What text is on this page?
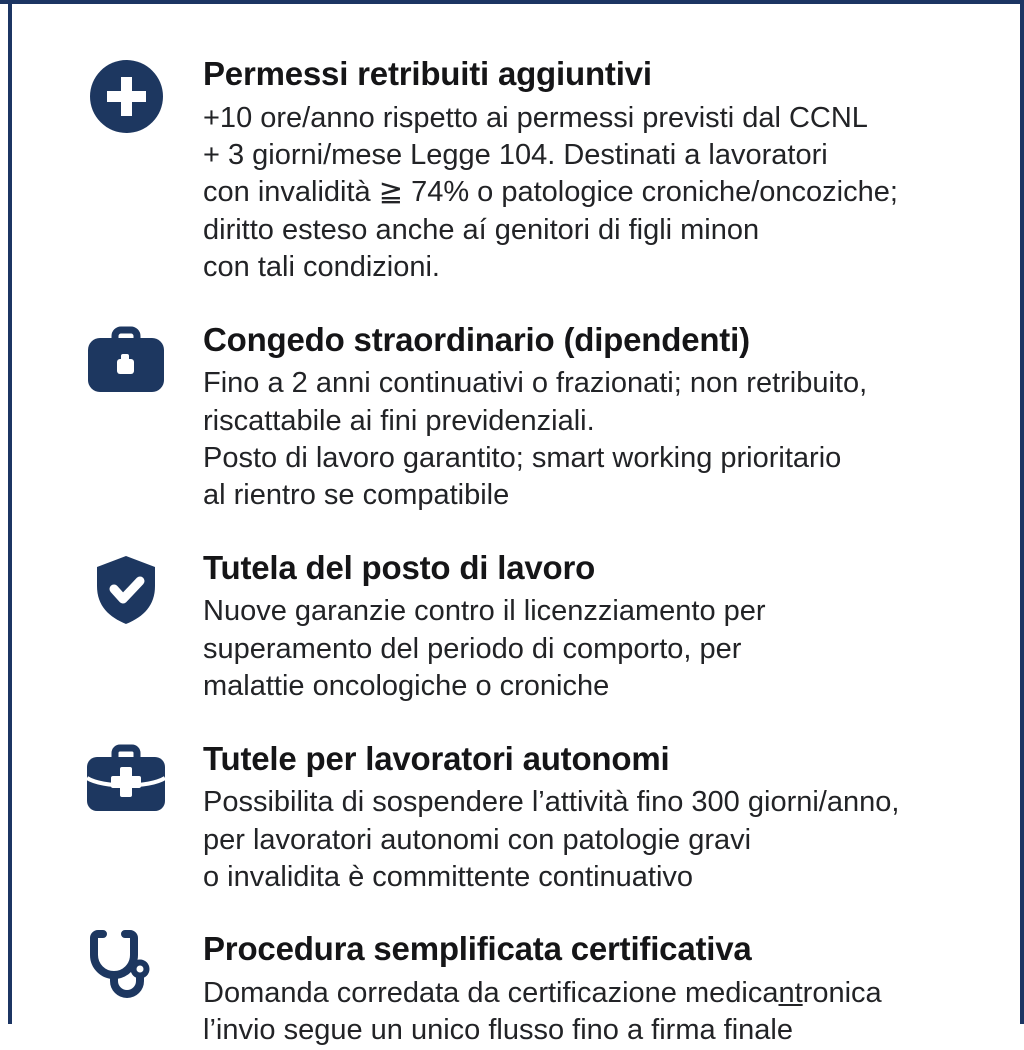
Permessi retribuiti aggiuntivi
+10 ore/anno rispetto ai permessi previsti dal CCNL
+ 3 giorni/mese Legge 104. Destinati a lavoratori
con invalidità ≧ 74% o patologice croniche/oncoziche;
diritto esteso anche aí genitori di figli minon
con tali condizioni.
Congedo straordinario (dipendenti)
Fino a 2 anni continuativi o frazionati; non retribuito,
riscattabile ai fini previdenziali.
Posto di lavoro garantito; smart working prioritario
al rientro se compatibile
Tutela del posto di lavoro
Nuove garanzie contro il licenzziamento per
superamento del periodo di comporto, per
malattie oncologiche o croniche
Tutele per lavoratori autonomi
Possibilita di sospendere l’attività fino 300 giorni/anno,
per lavoratori autonomi con patologie gravi
o invalidita è committente continuativo
Procedura semplificata certificativa
Domanda corredata da certificazione medicantronica
l’invio segue un unico flusso fino a firma finale
